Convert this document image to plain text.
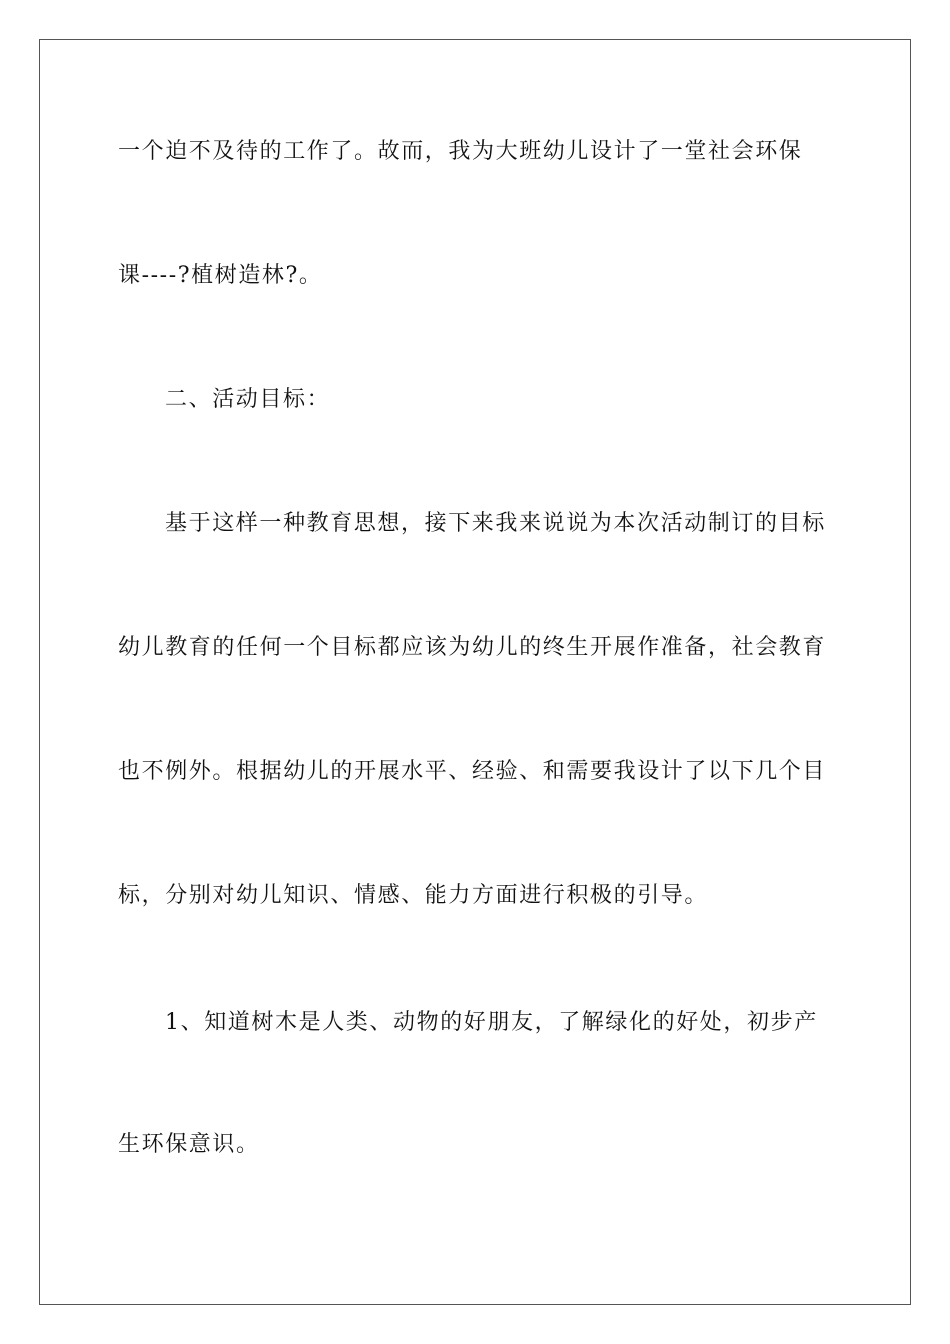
一个迫不及待的工作了。故而，我为大班幼儿设计了一堂社会环保
课----?植树造林?。
二、活动目标：
基于这样一种教育思想，接下来我来说说为本次活动制订的目标
幼儿教育的任何一个目标都应该为幼儿的终生开展作准备，社会教育
也不例外。根据幼儿的开展水平、经验、和需要我设计了以下几个目
标，分别对幼儿知识、情感、能力方面进行积极的引导。
1、知道树木是人类、动物的好朋友，了解绿化的好处，初步产
生环保意识。
